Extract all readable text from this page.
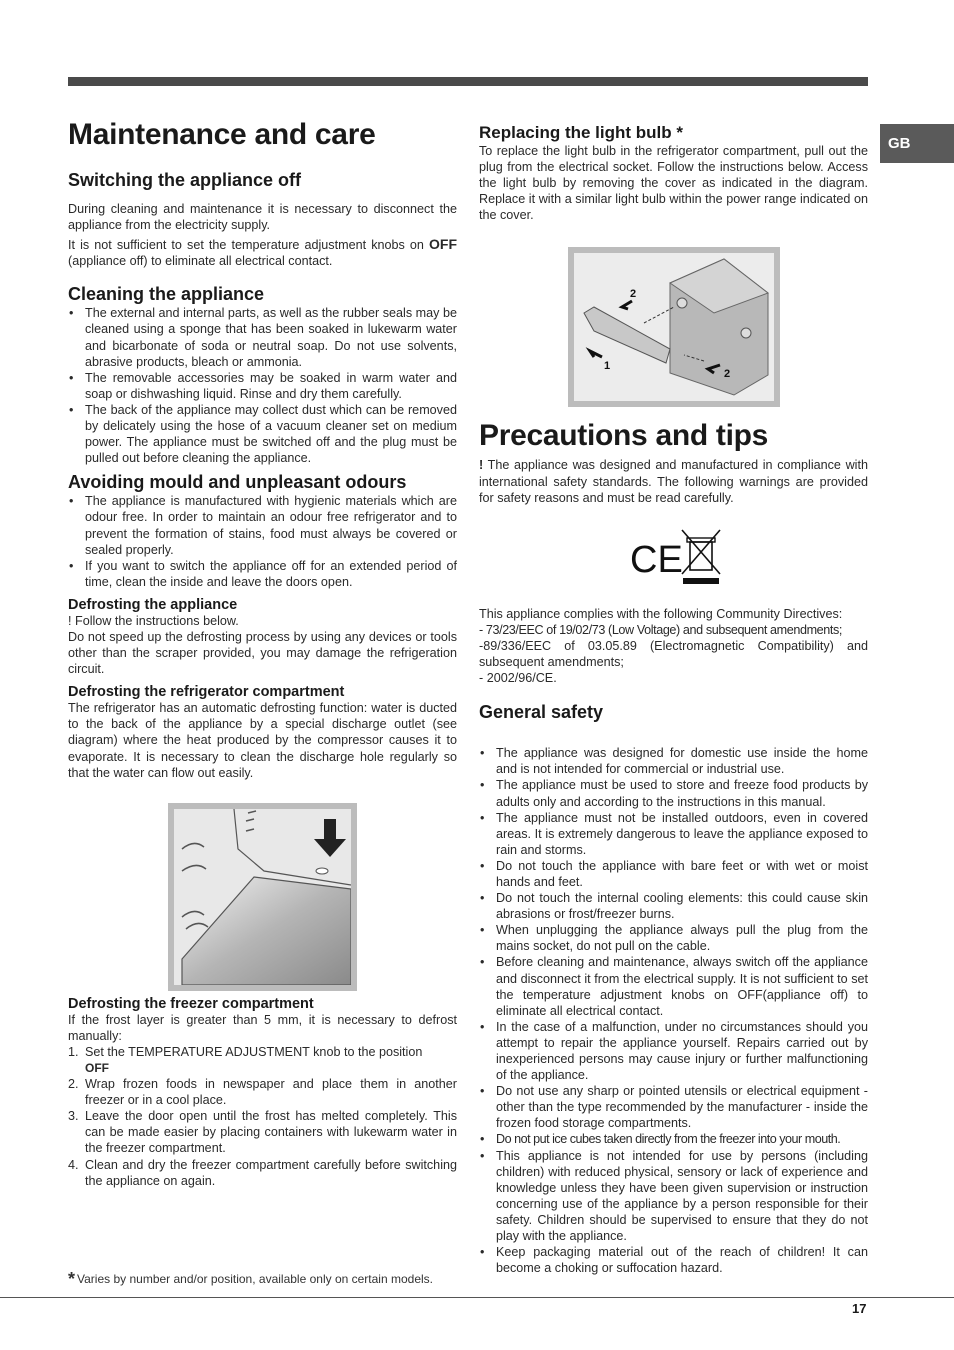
GB
Maintenance and care
Switching the appliance off

During cleaning and maintenance it is necessary to disconnect the appliance from the electricity supply.

It is not sufficient to set the temperature adjustment knobs on OFF (appliance off) to eliminate all electrical contact.

Cleaning the appliance
• The external and internal parts, as well as the rubber seals may be cleaned using a sponge that has been soaked in lukewarm water and bicarbonate of soda or neutral soap. Do not use solvents, abrasive products, bleach or ammonia.
• The removable accessories may be soaked in warm water and soap or dishwashing liquid. Rinse and dry them carefully.
• The back of the appliance may collect dust which can be removed by delicately using the hose of a vacuum cleaner set on medium power. The appliance must be switched off and the plug must be pulled out before cleaning the appliance.
Avoiding mould and unpleasant odours
• The appliance is manufactured with hygienic materials which are odour free. In order to maintain an odour free refrigerator and to prevent the formation of stains, food must always be covered or sealed properly.
• If you want to switch the appliance off for an extended period of time, clean the inside and leave the doors open.
Defrosting the appliance

! Follow the instructions below.

Do not speed up the defrosting process by using any devices or tools other than the scraper provided, you may damage the refrigeration circuit.

Defrosting the refrigerator compartment

The refrigerator has an automatic defrosting function: water is ducted to the back of the appliance by a special discharge outlet (see diagram) where the heat produced by the compressor causes it to evaporate. It is necessary to clean the discharge hole regularly so that the water can flow out easily.

Defrosting the freezer compartment

If the frost layer is greater than 5 mm, it is necessary to defrost manually:

1. Set the TEMPERATURE ADJUSTMENT knob to the position
OFF
2. Wrap frozen foods in newspaper and place them in another freezer or in a cool place.
3. Leave the door open until the frost has melted completely. This can be made easier by placing containers with lukewarm water in the freezer compartment.
4. Clean and dry the freezer compartment carefully before switching the appliance on again.
Replacing the light bulb *

To replace the light bulb in the refrigerator compartment, pull out the plug from the electrical socket. Follow the instructions below. Access the light bulb by removing the cover as indicated in the diagram. Replace it with a similar light bulb within the power range indicated on the cover.

2
1
2
Precautions and tips

! The appliance was designed and manufactured in compliance with international safety standards. The following warnings are provided for safety reasons and must be read carefully.

CE

This appliance complies with the following Community Directives:

- 73/23/EEC of 19/02/73 (Low Voltage) and subsequent amendments;

-89/336/EEC of 03.05.89 (Electromagnetic Compatibility) and subsequent amendments;

- 2002/96/CE.

General safety
• The appliance was designed for domestic use inside the home and is not intended for commercial or industrial use.
• The appliance must be used to store and freeze food products by adults only and according to the instructions in this manual.
• The appliance must not be installed outdoors, even in covered areas. It is extremely dangerous to leave the appliance exposed to rain and storms.
• Do not touch the appliance with bare feet or with wet or moist hands and feet.
• Do not touch the internal cooling elements: this could cause skin abrasions or frost/freezer burns.
• When unplugging the appliance always pull the plug from the mains socket, do not pull on the cable.
• Before cleaning and maintenance, always switch off the appliance and disconnect it from the electrical supply. It is not sufficient to set the temperature adjustment knobs on OFF(appliance off) to eliminate all electrical contact.
• In the case of a malfunction, under no circumstances should you attempt to repair the appliance yourself. Repairs carried out by inexperienced persons may cause injury or further malfunctioning of the appliance.
• Do not use any sharp or pointed utensils or electrical equipment - other than the type recommended by the manufacturer - inside the frozen food storage compartments.
• Do not put ice cubes taken directly from the freezer into your mouth.
• This appliance is not intended for use by persons (including children) with reduced physical, sensory or lack of experience and knowledge unless they have been given supervision or instruction concerning use of the appliance by a person responsible for their safety. Children should be supervised to ensure that they do not play with the appliance.
• Keep packaging material out of the reach of children! It can become a choking or suffocation hazard.
* Varies by number and/or position, available only on certain models.
17
